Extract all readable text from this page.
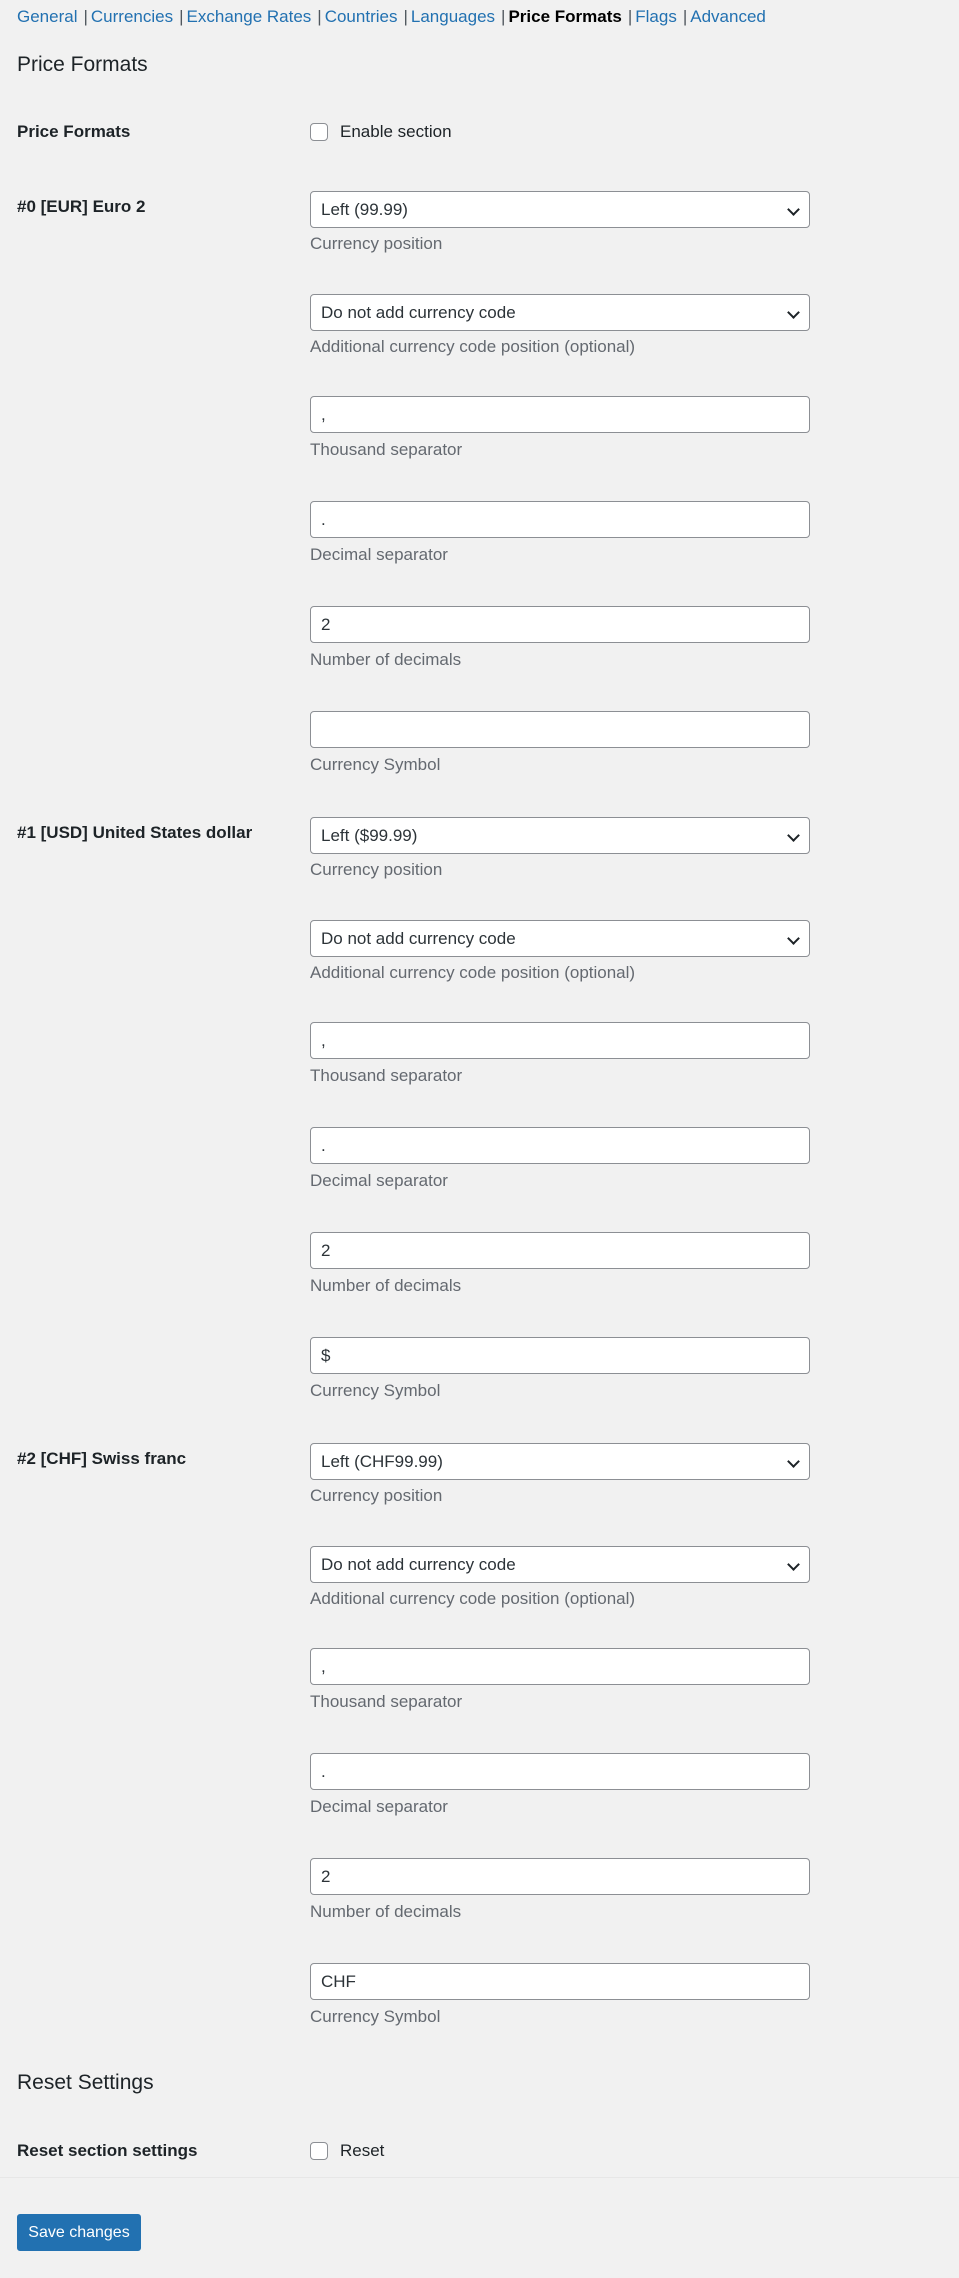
General | Currencies | Exchange Rates | Countries | Languages | Price Formats | Flags | Advanced
Price Formats
Price Formats	Enable section
#0 [EUR] Euro 2	Left (99.99)
Currency position
Do not add currency code
Additional currency code position (optional)
,
Thousand separator
.
Decimal separator
2
Number of decimals
Currency Symbol
#1 [USD] United States dollar	Left ($99.99)
Currency position
Do not add currency code
Additional currency code position (optional)
,
Thousand separator
.
Decimal separator
2
Number of decimals
$
Currency Symbol
#2 [CHF] Swiss franc	Left (CHF99.99)
Currency position
Do not add currency code
Additional currency code position (optional)
,
Thousand separator
.
Decimal separator
2
Number of decimals
CHF
Currency Symbol
Reset Settings
Reset section settings	Reset
Save changes
